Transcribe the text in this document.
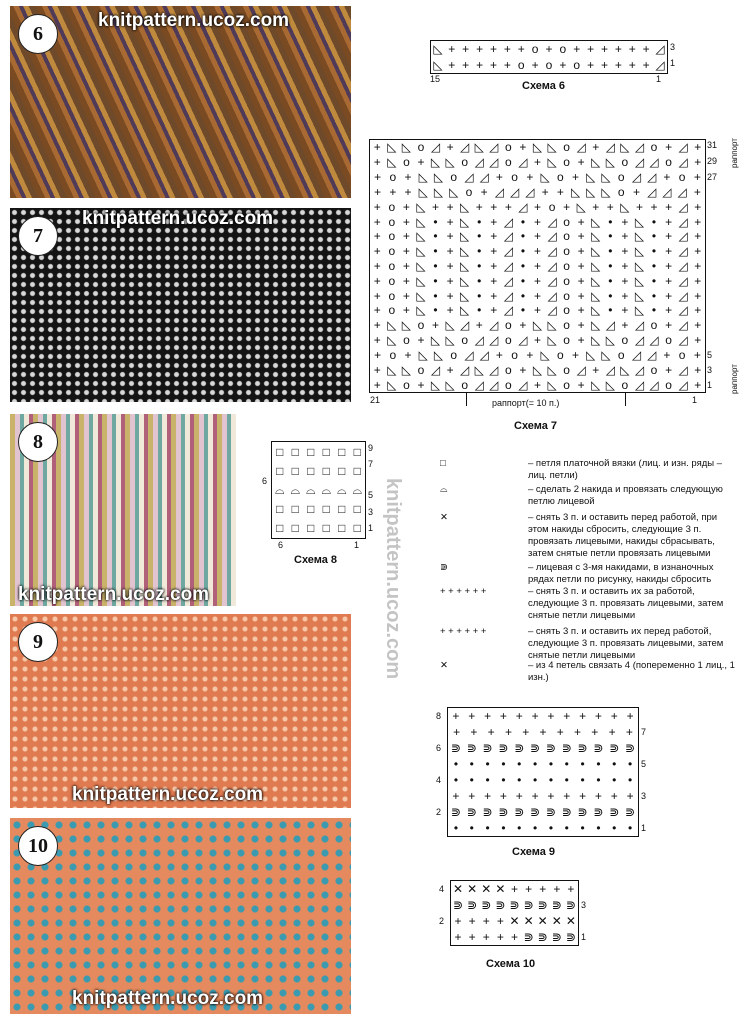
6
knitpattern.ucoz.com
7
knitpattern.ucoz.com
8
knitpattern.ucoz.com
9
knitpattern.ucoz.com
10
knitpattern.ucoz.com
knitpattern.ucoz.com
◺ + + + + + + o + o + + + + + + ◿
◺ + + + + + o + o + o + + + + + ◿
3
1
15	1
Схема 6
+ ◺ ◺ o ◿ + ◿ ◺ ◿ o + ◺ ◺ o ◿ + ◿ ◺ ◿ o + ◿ +
+ ◺ o + ◺ ◺ o ◿ ◿ o ◿ + ◺ o + ◺ ◺ o ◿ ◿ o ◿ +
+ o + ◺ ◺ o ◿ ◿ + o + ◺ o + ◺ ◺ o ◿ ◿ + o +
+ + + ◺ ◺ ◺ o + ◿ ◿ ◿ + + ◺ ◺ ◺ o + ◿ ◿ ◿ +
+ o + ◺ + + ◺ + + + ◿ + o + ◺ + + ◺ + + + ◿ +
+ o + ◺ • + ◺ • + ◿ • + ◿ o + ◺ • + ◺ • + ◿ +
+ o + ◺ • + ◺ • + ◿ • + ◿ o + ◺ • + ◺ • + ◿ +
+ o + ◺ • + ◺ • + ◿ • + ◿ o + ◺ • + ◺ • + ◿ +
+ o + ◺ • + ◺ • + ◿ • + ◿ o + ◺ • + ◺ • + ◿ +
+ o + ◺ • + ◺ • + ◿ • + ◿ o + ◺ • + ◺ • + ◿ +
+ o + ◺ • + ◺ • + ◿ • + ◿ o + ◺ • + ◺ • + ◿ +
+ o + ◺ • + ◺ • + ◿ • + ◿ o + ◺ • + ◺ • + ◿ +
+ ◺ ◺ o + ◺ ◿ + ◿ o + ◺ ◺ o + ◺ ◿ + ◿ o + ◿ +
+ ◺ o + ◺ ◺ o ◿ ◿ o ◿ + ◺ o + ◺ ◺ o ◿ ◿ o ◿ +
+ o + ◺ ◺ o ◿ ◿ + o + ◺ o + ◺ ◺ o ◿ ◿ + o +
+ ◺ ◺ o ◿ + ◿ ◺ ◿ o + ◺ ◺ o ◿ + ◿ ◺ ◿ o + ◿ +
+ ◺ o + ◺ ◺ o ◿ ◿ o ◿ + ◺ o + ◺ ◺ o ◿ ◿ o ◿ +
31
29
27
5
3
1
раппорт
раппорт
21	1
раппорт(= 10 п.)
Схема 7
□ □ □ □ □ □
□ □ □ □ □ □
⌓ ⌓ ⌓ ⌓ ⌓ ⌓
□ □ □ □ □ □
□ □ □ □ □ □
9
7
6
5
3
1
6	1
Схема 8
□	– петля платочной вязки (лиц. и изн. ряды – лиц. петли)
⌓	– сделать 2 накида и провязать следующую петлю лицевой
✕	– снять 3 п. и оставить перед работой, при этом накиды сбросить, следующие 3 п. провязать лицевыми, накиды сбрасывать, затем снятые петли провязать лицевыми
⋑	– лицевая с 3-мя накидами, в изнаночных рядах петли по рисунку, накиды сбросить
+ + + + + +	– снять 3 п. и оставить их за работой, следующие 3 п. провязать лицевыми, затем снятые петли лицевыми
+ + + + + +	– снять 3 п. и оставить их перед работой, следующие 3 п. провязать лицевыми, затем снятые петли лицевыми
✕	– из 4 петель связать 4 (попеременно 1 лиц., 1 изн.)
+ + + + + + + + + + + +
+ + + + + + + + + + +
⋑ ⋑ ⋑ ⋑ ⋑ ⋑ ⋑ ⋑ ⋑ ⋑ ⋑ ⋑
• • • • • • • • • • • •
• • • • • • • • • • • •
+ + + + + + + + + + + +
⋑ ⋑ ⋑ ⋑ ⋑ ⋑ ⋑ ⋑ ⋑ ⋑ ⋑ ⋑
• • • • • • • • • • • •
8
6
4
2
7
5
3
1
Схема 9
✕ ✕ ✕ ✕ + + + + +
⋑ ⋑ ⋑ ⋑ ⋑ ⋑ ⋑ ⋑ ⋑
+ + + + ✕ ✕ ✕ ✕ ✕
+ + + + + ⋑ ⋑ ⋑ ⋑
4
2
3
1
Схема 10
